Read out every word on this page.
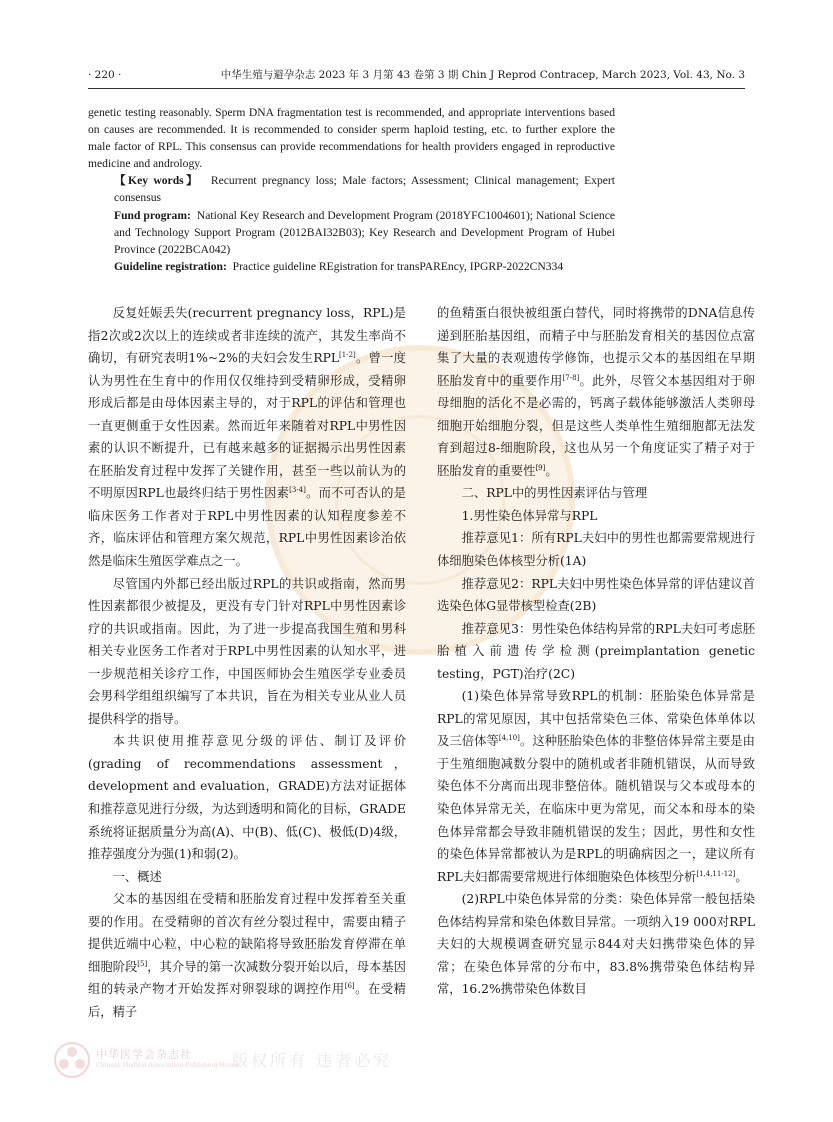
· 220 ·	中华生殖与避孕杂志 2023 年 3 月第 43 卷第 3 期 Chin J Reprod Contracep, March 2023, Vol. 43, No. 3

genetic testing reasonably. Sperm DNA fragmentation test is recommended, and appropriate interventions based on causes are recommended. It is recommended to consider sperm haploid testing, etc. to further explore the male factor of RPL. This consensus can provide recommendations for health providers engaged in reproductive medicine and andrology.

【Key words】 Recurrent pregnancy loss; Male factors; Assessment; Clinical management; Expert consensus

Fund program: National Key Research and Development Program (2018YFC1004601); National Science and Technology Support Program (2012BAI32B03); Key Research and Development Program of Hubei Province (2022BCA042)

Guideline registration: Practice guideline REgistration for transPAREncy, IPGRP-2022CN334

反复妊娠丢失(recurrent pregnancy loss，RPL)是指2次或2次以上的连续或者非连续的流产，其发生率尚不确切，有研究表明1%~2%的夫妇会发生RPL[1-2]。曾一度认为男性在生育中的作用仅仅维持到受精卵形成，受精卵形成后都是由母体因素主导的，对于RPL的评估和管理也一直更侧重于女性因素。然而近年来随着对RPL中男性因素的认识不断提升，已有越来越多的证据揭示出男性因素在胚胎发育过程中发挥了关键作用，甚至一些以前认为的不明原因RPL也最终归结于男性因素[3-4]。而不可否认的是临床医务工作者对于RPL中男性因素的认知程度参差不齐，临床评估和管理方案欠规范，RPL中男性因素诊治依然是临床生殖医学难点之一。

尽管国内外都已经出版过RPL的共识或指南，然而男性因素都很少被提及，更没有专门针对RPL中男性因素诊疗的共识或指南。因此，为了进一步提高我国生殖和男科相关专业医务工作者对于RPL中男性因素的认知水平，进一步规范相关诊疗工作，中国医师协会生殖医学专业委员会男科学组组织编写了本共识，旨在为相关专业从业人员提供科学的指导。

本共识使用推荐意见分级的评估、制订及评价(grading of recommendations assessment，development and evaluation，GRADE)方法对证据体和推荐意见进行分级，为达到透明和简化的目标，GRADE系统将证据质量分为高(A)、中(B)、低(C)、极低(D)4级，推荐强度分为强(1)和弱(2)。

一、概述

父本的基因组在受精和胚胎发育过程中发挥着至关重要的作用。在受精卵的首次有丝分裂过程中，需要由精子提供近端中心粒，中心粒的缺陷将导致胚胎发育停滞在单细胞阶段[5]，其介导的第一次减数分裂开始以后，母本基因组的转录产物才开始发挥对卵裂球的调控作用[6]。在受精后，精子

的鱼精蛋白很快被组蛋白替代，同时将携带的DNA信息传递到胚胎基因组，而精子中与胚胎发育相关的基因位点富集了大量的表观遗传学修饰，也提示父本的基因组在早期胚胎发育中的重要作用[7-8]。此外，尽管父本基因组对于卵母细胞的活化不是必需的，钙离子载体能够激活人类卵母细胞开始细胞分裂，但是这些人类单性生殖细胞都无法发育到超过8-细胞阶段，这也从另一个角度证实了精子对于胚胎发育的重要性[9]。

二、RPL中的男性因素评估与管理

1.男性染色体异常与RPL

推荐意见1：所有RPL夫妇中的男性也都需要常规进行体细胞染色体核型分析(1A)

推荐意见2：RPL夫妇中男性染色体异常的评估建议首选染色体G显带核型检查(2B)

推荐意见3：男性染色体结构异常的RPL夫妇可考虑胚胎植入前遗传学检测(preimplantation genetic testing，PGT)治疗(2C)

(1)染色体异常导致RPL的机制：胚胎染色体异常是RPL的常见原因，其中包括常染色三体、常染色体单体以及三倍体等[4,10]。这种胚胎染色体的非整倍体异常主要是由于生殖细胞减数分裂中的随机或者非随机错误，从而导致染色体不分离而出现非整倍体。随机错误与父本或母本的染色体异常无关，在临床中更为常见，而父本和母本的染色体异常都会导致非随机错误的发生；因此，男性和女性的染色体异常都被认为是RPL的明确病因之一，建议所有RPL夫妇都需要常规进行体细胞染色体核型分析[1,4,11-12]。

(2)RPL中染色体异常的分类：染色体异常一般包括染色体结构异常和染色体数目异常。一项纳入19 000对RPL夫妇的大规模调查研究显示844对夫妇携带染色体的异常；在染色体异常的分布中，83.8%携带染色体结构异常，16.2%携带染色体数目

中华医学会杂志社
Chinese Medical Association Publishing House
版权所有 违者必究
